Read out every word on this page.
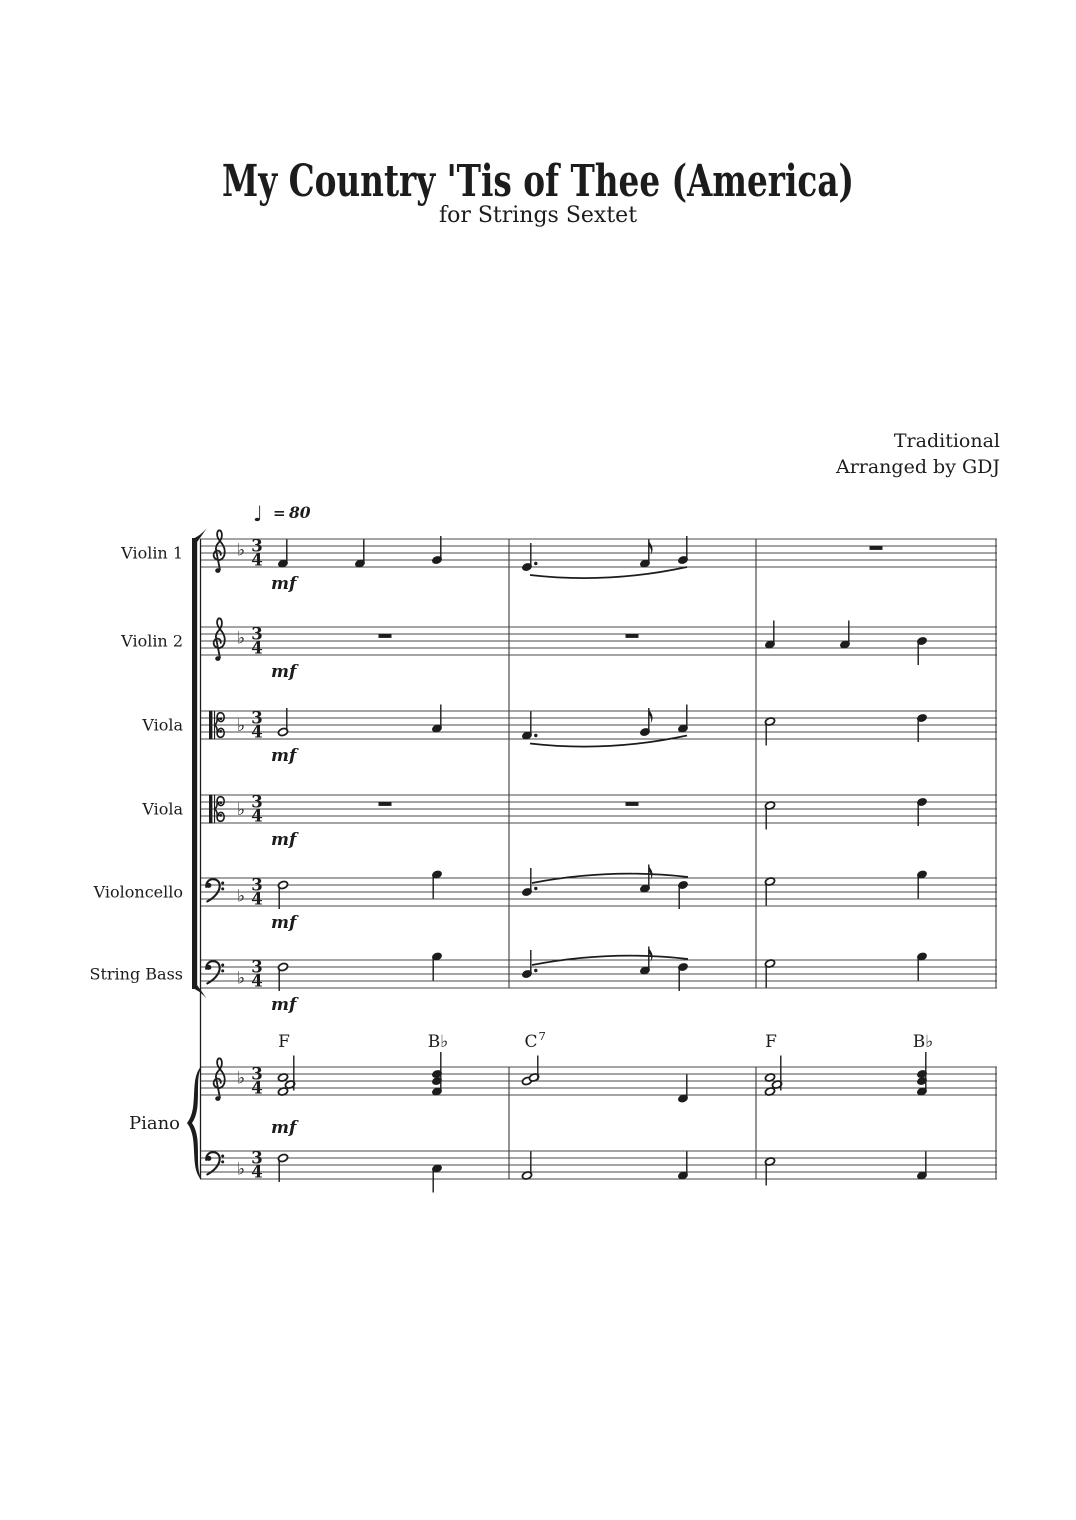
My Country 'Tis of Thee (America)
for Strings Sextet
Traditional
Arranged by GDJ
♩ = 80
♭ 3
4
Violin 1
mf
♭ 3
4
Violin 2
mf
♭ 3
4
Viola
mf
♭ 3
4
Viola
mf
♭
3
4
Violoncello
mf
♭
3
4
String Bass
mf
♭ 3
4
mf
♭
3
4
Piano
F	B♭	C 7	F	B♭
